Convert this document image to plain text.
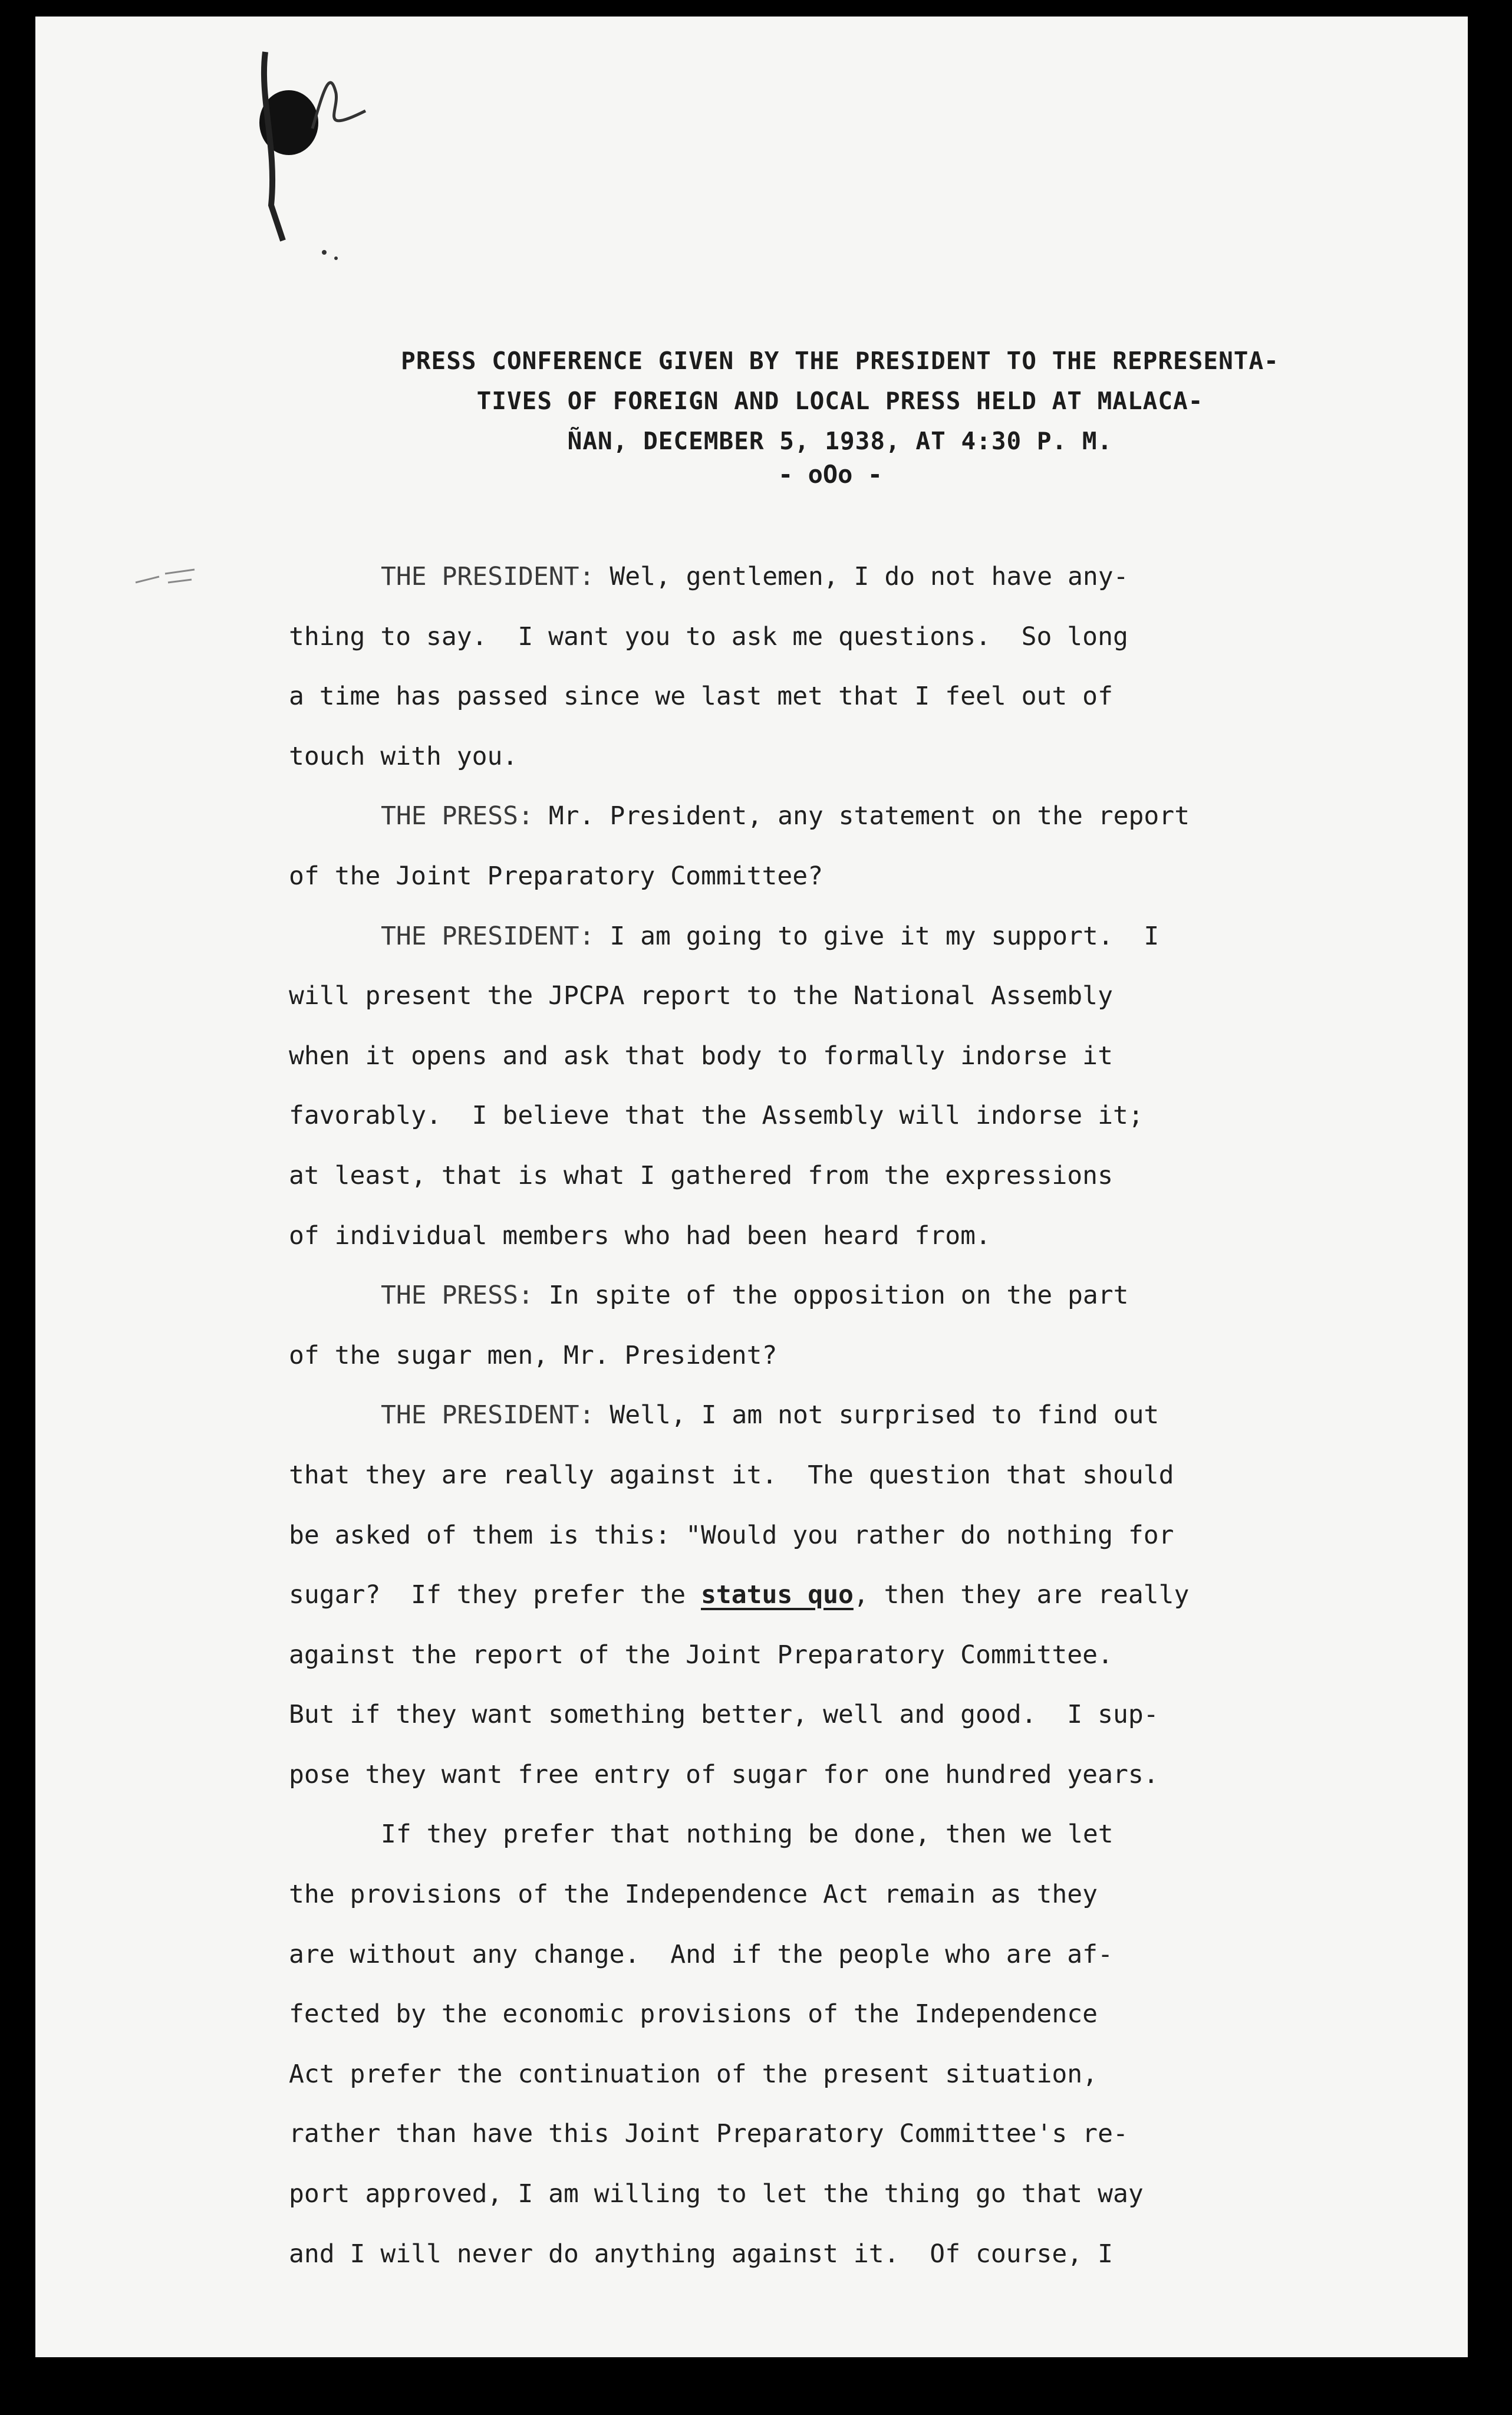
PRESS CONFERENCE GIVEN BY THE PRESIDENT TO THE REPRESENTA-
TIVES OF FOREIGN AND LOCAL PRESS HELD AT MALACA-
ÑAN, DECEMBER 5, 1938, AT 4:30 P. M.
- oOo -
THE PRESIDENT: Wel, gentlemen, I do not have any-
thing to say.  I want you to ask me questions.  So long
a time has passed since we last met that I feel out of
touch with you.
THE PRESS: Mr. President, any statement on the report
of the Joint Preparatory Committee?
THE PRESIDENT: I am going to give it my support.  I
will present the JPCPA report to the National Assembly
when it opens and ask that body to formally indorse it
favorably.  I believe that the Assembly will indorse it;
at least, that is what I gathered from the expressions
of individual members who had been heard from.
THE PRESS: In spite of the opposition on the part
of the sugar men, Mr. President?
THE PRESIDENT: Well, I am not surprised to find out
that they are really against it.  The question that should
be asked of them is this: "Would you rather do nothing for
sugar?  If they prefer the status quo, then they are really
against the report of the Joint Preparatory Committee.
But if they want something better, well and good.  I sup-
pose they want free entry of sugar for one hundred years.
If they prefer that nothing be done, then we let
the provisions of the Independence Act remain as they
are without any change.  And if the people who are af-
fected by the economic provisions of the Independence
Act prefer the continuation of the present situation,
rather than have this Joint Preparatory Committee's re-
port approved, I am willing to let the thing go that way
and I will never do anything against it.  Of course, I
